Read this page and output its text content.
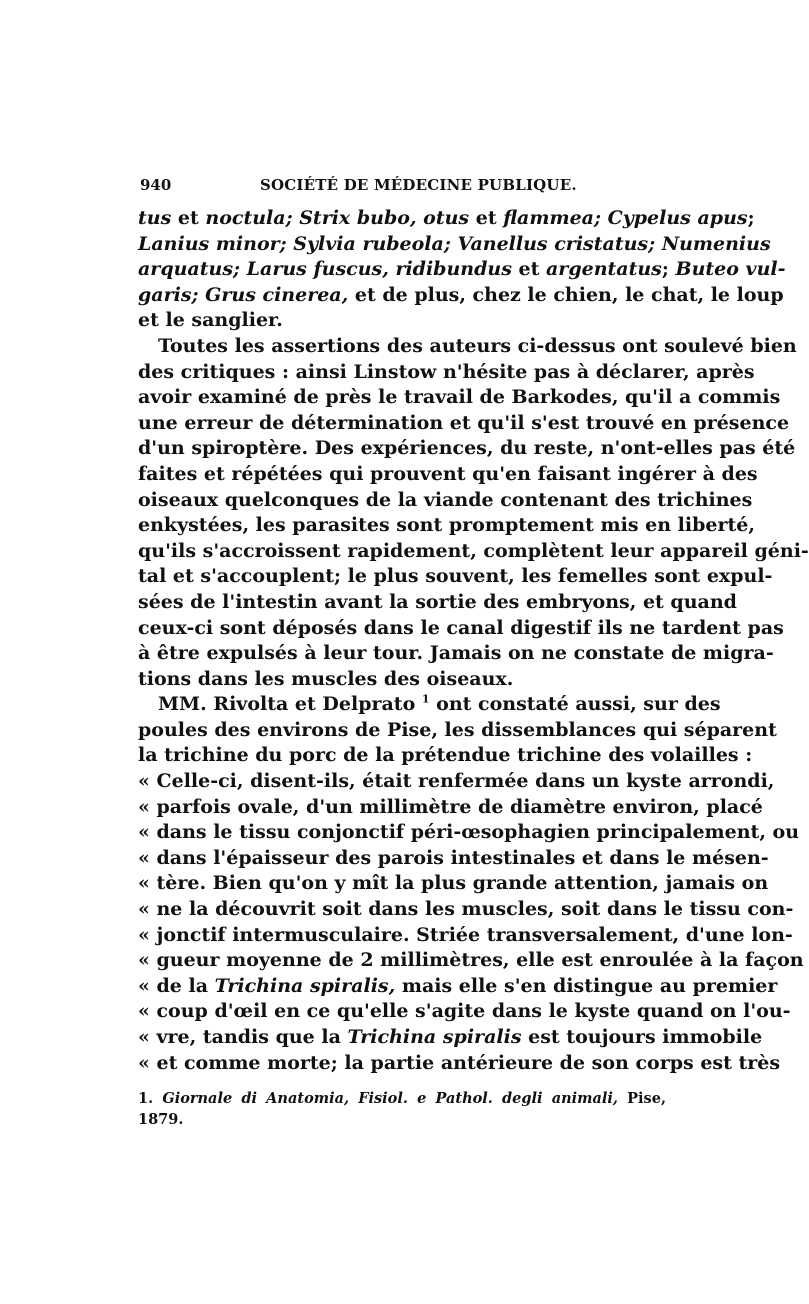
940	SOCIÉTÉ DE MÉDECINE PUBLIQUE.
tus et noctula; Strix bubo, otus et flammea; Cypelus apus;
Lanius minor; Sylvia rubeola; Vanellus cristatus; Numenius
arquatus; Larus fuscus, ridibundus et argentatus; Buteo vul-
garis; Grus cinerea, et de plus, chez le chien, le chat, le loup
et le sanglier.
Toutes les assertions des auteurs ci-dessus ont soulevé bien
des critiques : ainsi Linstow n'hésite pas à déclarer, après
avoir examiné de près le travail de Barkodes, qu'il a commis
une erreur de détermination et qu'il s'est trouvé en présence
d'un spiroptère. Des expériences, du reste, n'ont-elles pas été
faites et répétées qui prouvent qu'en faisant ingérer à des
oiseaux quelconques de la viande contenant des trichines
enkystées, les parasites sont promptement mis en liberté,
qu'ils s'accroissent rapidement, complètent leur appareil géni-
tal et s'accouplent; le plus souvent, les femelles sont expul-
sées de l'intestin avant la sortie des embryons, et quand
ceux-ci sont déposés dans le canal digestif ils ne tardent pas
à être expulsés à leur tour. Jamais on ne constate de migra-
tions dans les muscles des oiseaux.
MM. Rivolta et Delprato $^1$ ont constaté aussi, sur des
poules des environs de Pise, les dissemblances qui séparent
la trichine du porc de la prétendue trichine des volailles :
« Celle-ci, disent-ils, était renfermée dans un kyste arrondi,
« parfois ovale, d'un millimètre de diamètre environ, placé
« dans le tissu conjonctif péri-œsophagien principalement, ou
« dans l'épaisseur des parois intestinales et dans le mésen-
« tère. Bien qu'on y mît la plus grande attention, jamais on
« ne la découvrit soit dans les muscles, soit dans le tissu con-
« jonctif intermusculaire. Striée transversalement, d'une lon-
« gueur moyenne de 2 millimètres, elle est enroulée à la façon
« de la Trichina spiralis, mais elle s'en distingue au premier
« coup d'œil en ce qu'elle s'agite dans le kyste quand on l'ou-
« vre, tandis que la Trichina spiralis est toujours immobile
« et comme morte; la partie antérieure de son corps est très
1. Giornale di Anatomia, Fisiol. e Pathol. degli animali, Pise,
1879.
